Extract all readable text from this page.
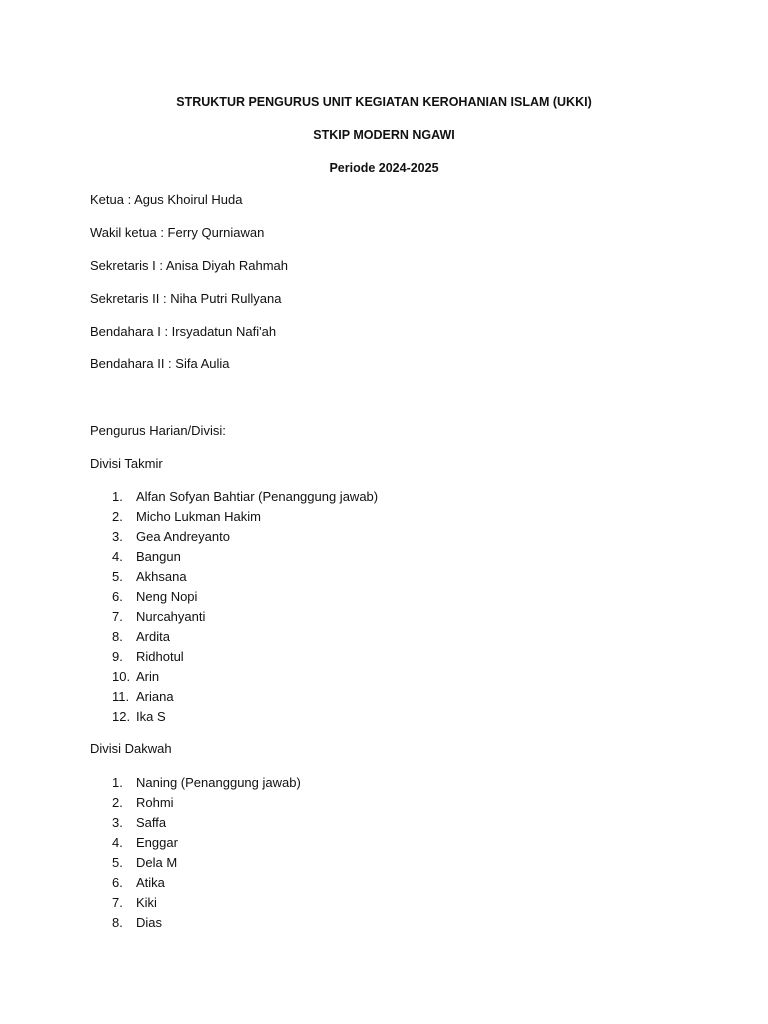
STRUKTUR PENGURUS UNIT KEGIATAN KEROHANIAN ISLAM (UKKI)
STKIP MODERN NGAWI
Periode 2024-2025
Ketua : Agus Khoirul Huda
Wakil ketua : Ferry Qurniawan
Sekretaris I : Anisa Diyah Rahmah
Sekretaris II : Niha Putri Rullyana
Bendahara I : Irsyadatun Nafi'ah
Bendahara II : Sifa Aulia
Pengurus Harian/Divisi:
Divisi Takmir
1.	Alfan Sofyan Bahtiar (Penanggung jawab)
2.	Micho Lukman Hakim
3.	Gea Andreyanto
4.	Bangun
5.	Akhsana
6.	Neng Nopi
7.	Nurcahyanti
8.	Ardita
9.	Ridhotul
10. Arin
11. Ariana
12. Ika S
Divisi Dakwah
1.	Naning (Penanggung jawab)
2.	Rohmi
3.	Saffa
4.	Enggar
5.	Dela M
6.	Atika
7.	Kiki
8.	Dias
